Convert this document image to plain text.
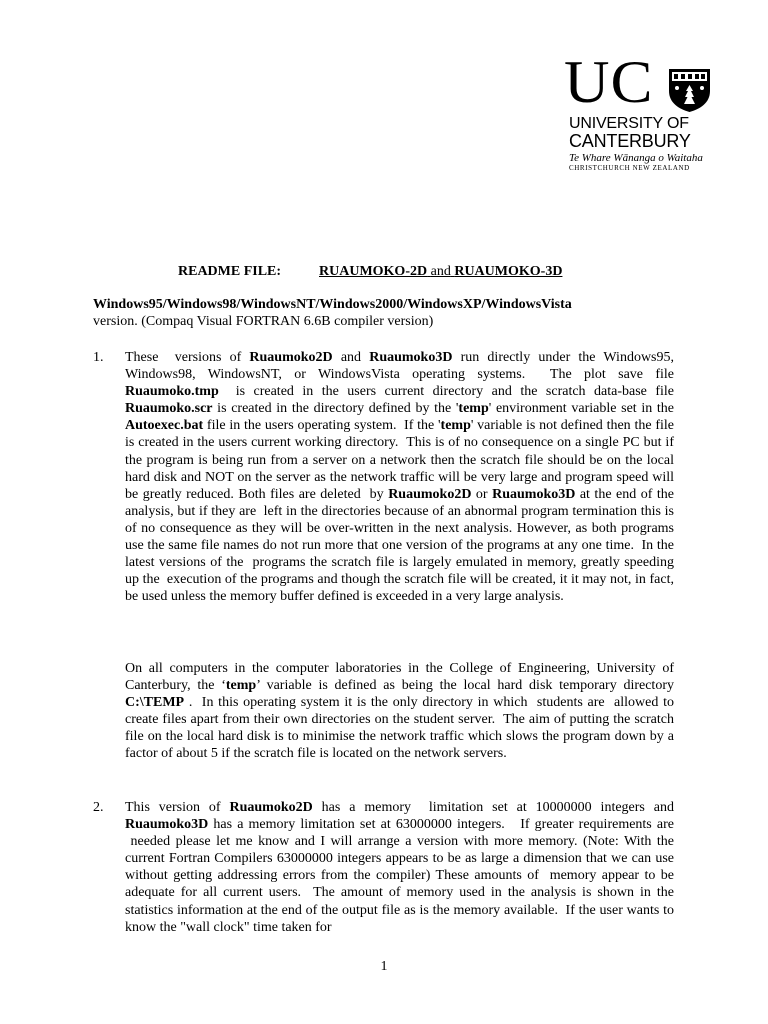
UC
UNIVERSITY OF
CANTERBURY
Te Whare Wānanga o Waitaha
CHRISTCHURCH NEW ZEALAND
README FILE:	RUAUMOKO-2D and RUAUMOKO-3D
Windows95/Windows98/WindowsNT/Windows2000/WindowsXP/WindowsVista
version. (Compaq Visual FORTRAN 6.6B compiler version)
1. These  versions of Ruaumoko2D and Ruaumoko3D run directly under the Windows95, Windows98, WindowsNT, or WindowsVista operating systems.  The plot save file Ruaumoko.tmp  is created in the users current directory and the scratch data-base file Ruaumoko.scr is created in the directory defined by the 'temp' environment variable set in the Autoexec.bat file in the users operating system.  If the 'temp' variable is not defined then the file is created in the users current working directory.  This is of no consequence on a single PC but if the program is being run from a server on a network then the scratch file should be on the local hard disk and NOT on the server as the network traffic will be very large and program speed will be greatly reduced. Both files are deleted  by Ruaumoko2D or Ruaumoko3D at the end of the analysis, but if they are  left in the directories because of an abnormal program termination this is of no consequence as they will be over-written in the next analysis. However, as both programs use the same file names do not run more that one version of the programs at any one time.  In the latest versions of the  programs the scratch file is largely emulated in memory, greatly speeding up the  execution of the programs and though the scratch file will be created, it it may not, in fact, be used unless the memory buffer defined is exceeded in a very large analysis.
On all computers in the computer laboratories in the College of Engineering, University of Canterbury, the ‘temp’ variable is defined as being the local hard disk temporary directory C:\TEMP .  In this operating system it is the only directory in which  students are  allowed to create files apart from their own directories on the student server.  The aim of putting the scratch file on the local hard disk is to minimise the network traffic which slows the program down by a factor of about 5 if the scratch file is located on the network servers.
2. This version of Ruaumoko2D has a memory  limitation set at 10000000 integers and Ruaumoko3D has a memory limitation set at 63000000 integers.   If greater requirements are  needed please let me know and I will arrange a version with more memory. (Note: With the current Fortran Compilers 63000000 integers appears to be as large a dimension that we can use without getting addressing errors from the compiler) These amounts of  memory appear to be adequate for all current users.  The amount of memory used in the analysis is shown in the statistics information at the end of the output file as is the memory available.  If the user wants to know the "wall clock" time taken for
1
